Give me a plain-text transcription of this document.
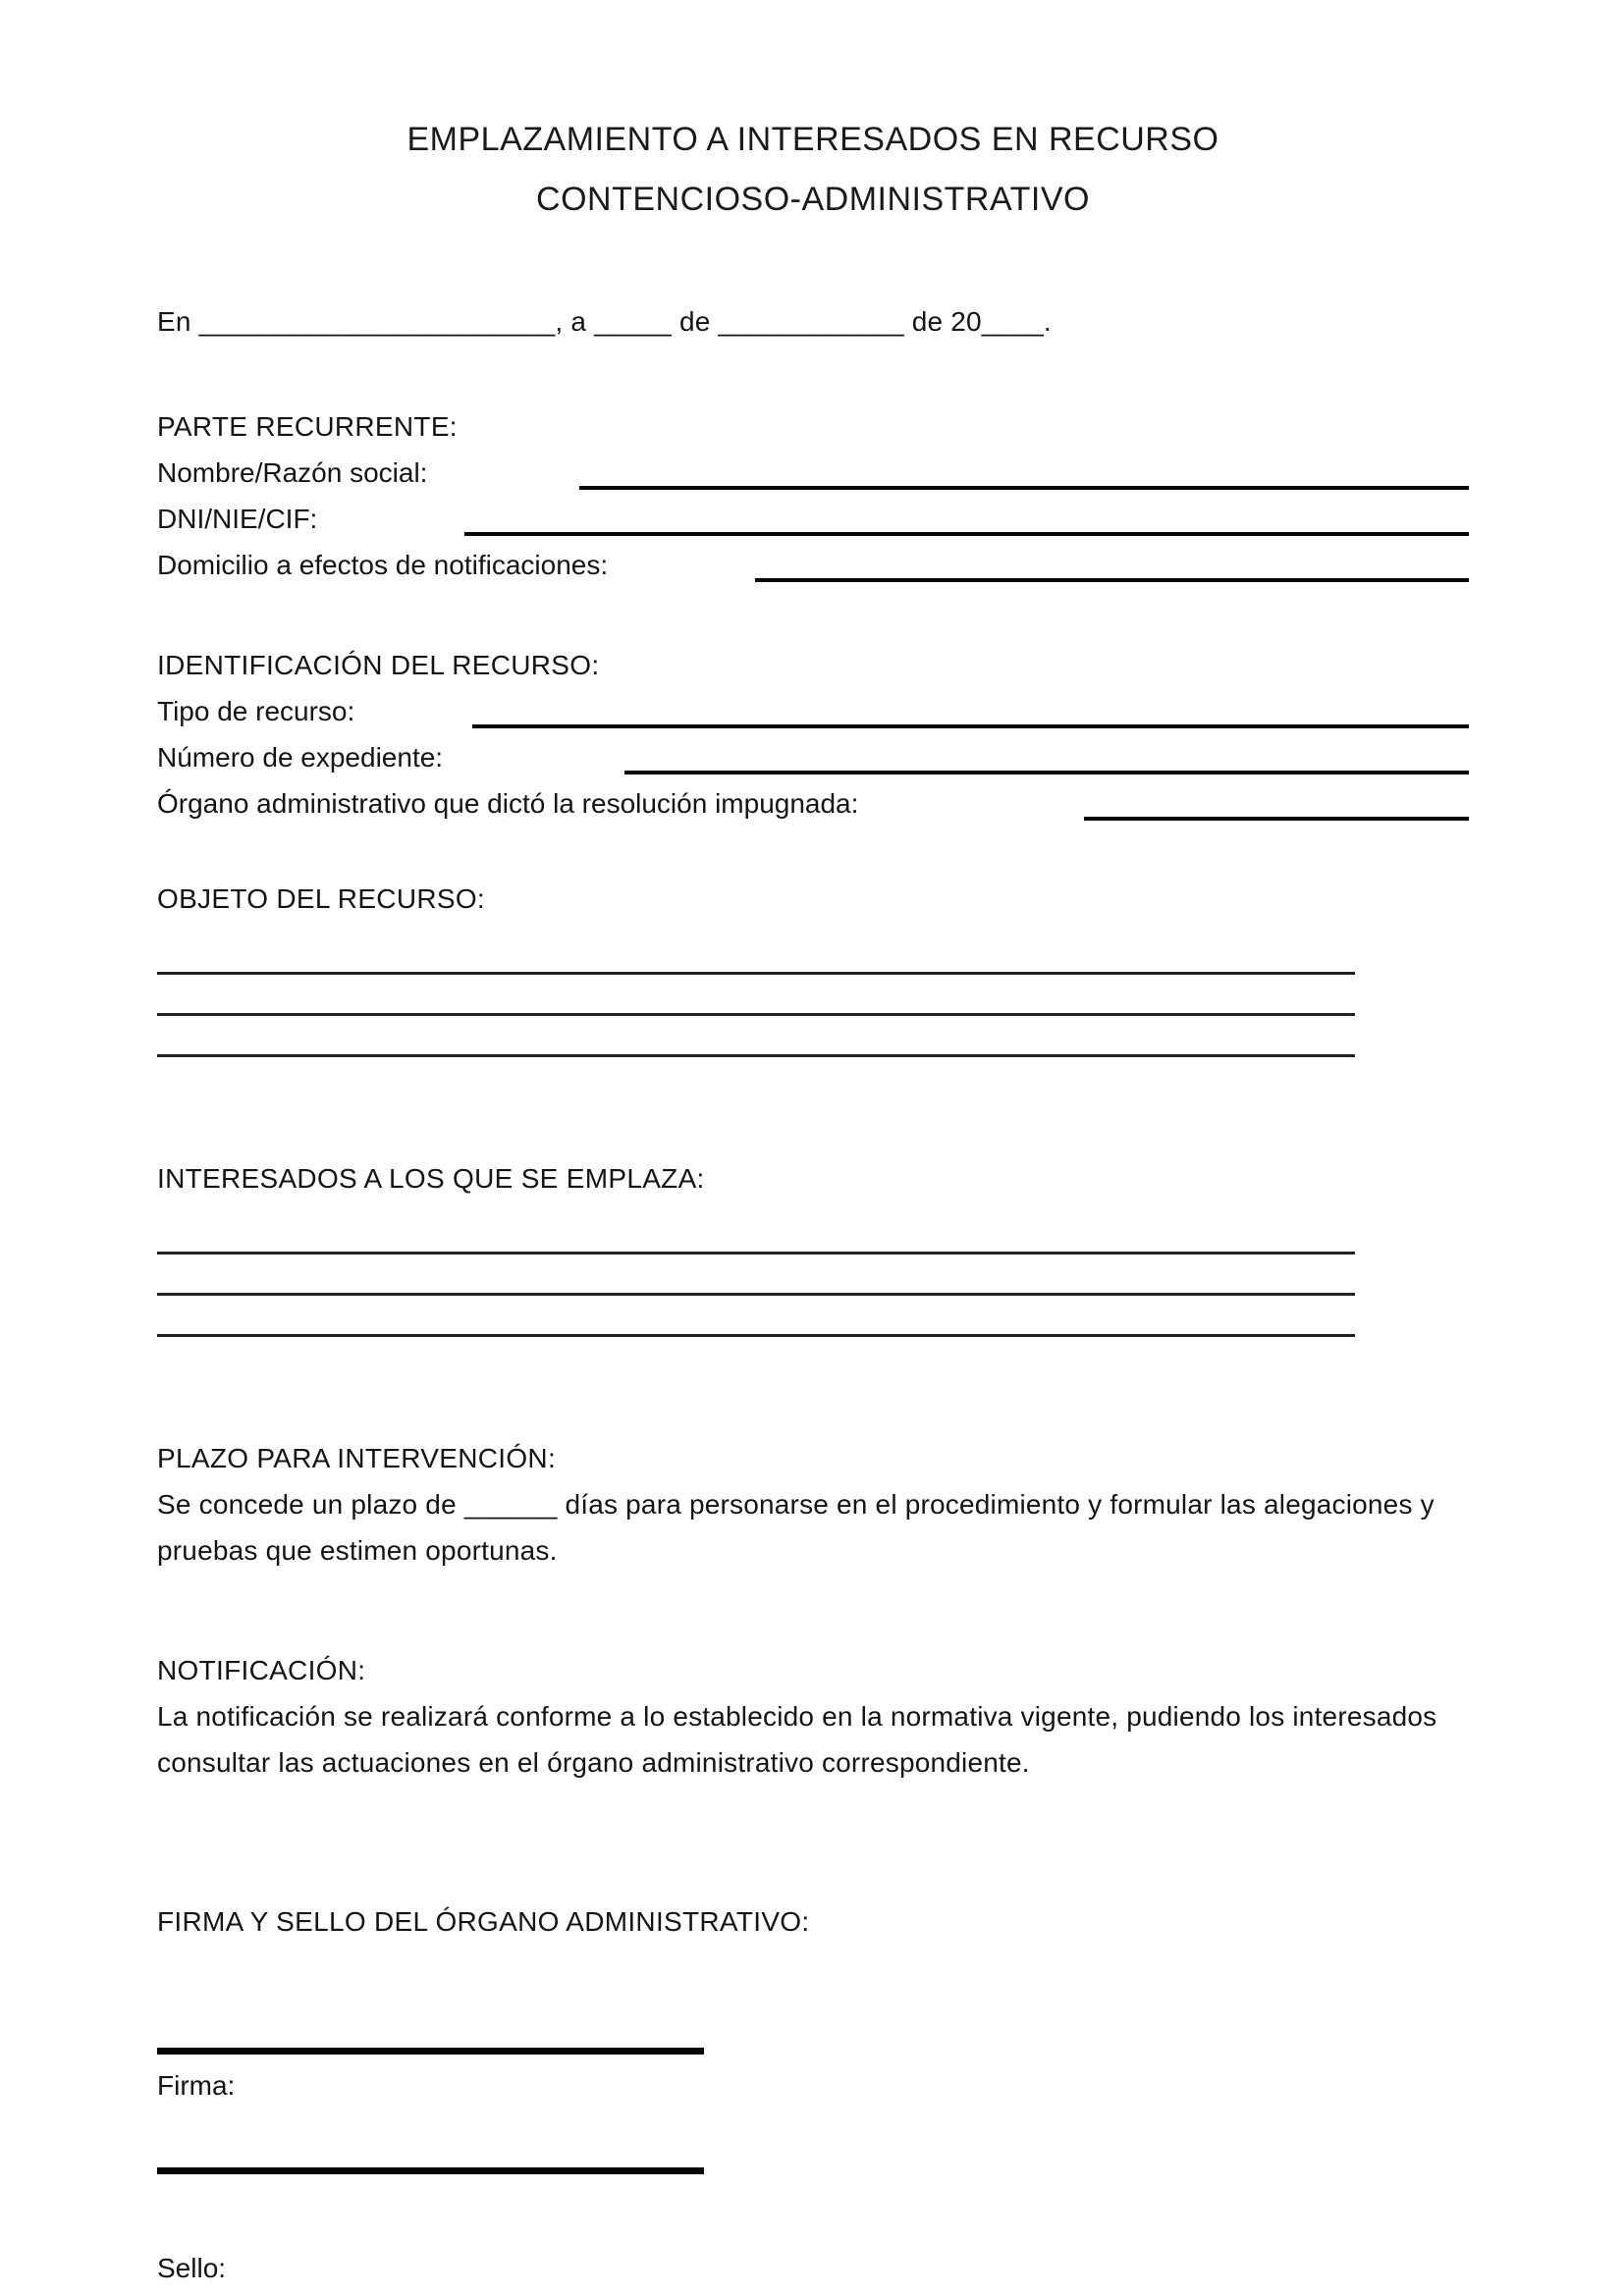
EMPLAZAMIENTO A INTERESADOS EN RECURSO
CONTENCIOSO-ADMINISTRATIVO

En _______________________, a _____ de ____________ de 20____.

PARTE RECURRENTE:
Nombre/Razón social:
DNI/NIE/CIF:
Domicilio a efectos de notificaciones:
IDENTIFICACIÓN DEL RECURSO:
Tipo de recurso:
Número de expediente:
Órgano administrativo que dictó la resolución impugnada:
OBJETO DEL RECURSO:
INTERESADOS A LOS QUE SE EMPLAZA:
PLAZO PARA INTERVENCIÓN:

Se concede un plazo de ______ días para personarse en el procedimiento y formular las alegaciones y pruebas que estimen oportunas.

NOTIFICACIÓN:

La notificación se realizará conforme a lo establecido en la normativa vigente, pudiendo los interesados consultar las actuaciones en el órgano administrativo correspondiente.

FIRMA Y SELLO DEL ÓRGANO ADMINISTRATIVO:

Firma:

Sello:
